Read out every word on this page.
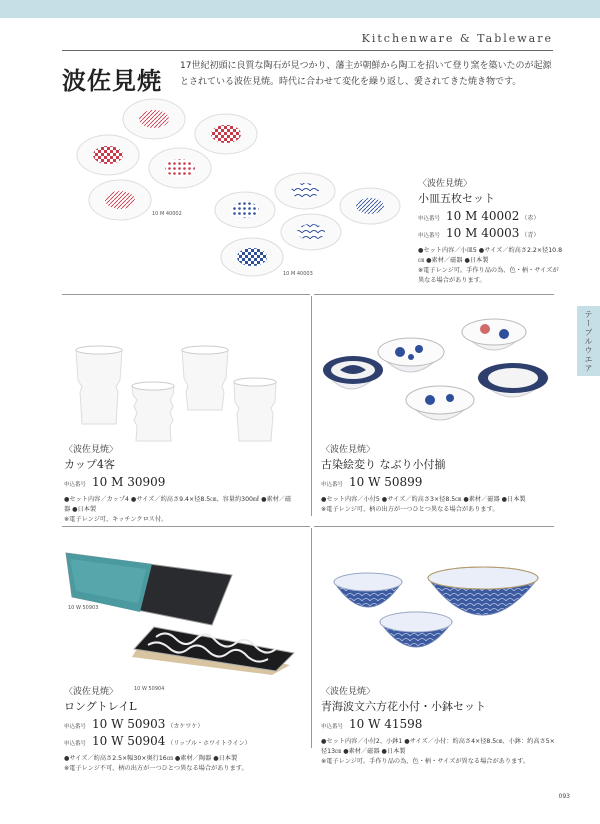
Kitchenware & Tableware
テーブルウエア
波佐見焼 17世紀初頭に良質な陶石が見つかり、藩主が朝鮮から陶工を招いて登り窯を築いたのが起源とされている波佐見焼。時代に合わせて変化を繰り返し、愛されてきた焼き物です。
10 M 40002
10 M 40003
〈波佐見焼〉
小皿五枚セット
申込番号 10 M 40002 （赤）
申込番号 10 M 40003 （青）
●セット内容／小皿5 ●サイズ／約高さ2.2×径10.8㎝ ●素材／磁器 ●日本製
※電子レンジ可。手作り品の為、色・柄・サイズが異なる場合があります。
〈波佐見焼〉
カップ4客
申込番号 10 M 30909
●セット内容／カップ4 ●サイズ／約高さ9.4×径8.5㎝、容量約300㎖ ●素材／磁器 ●日本製
※電子レンジ可、キッチンクロス付。
〈波佐見焼〉
古染絵変り なぶり小付揃
申込番号 10 W 50899
●セット内容／小付5 ●サイズ／約高さ3×径8.5㎝ ●素材／磁器 ●日本製
※電子レンジ可、柄の出方が一つひとつ異なる場合があります。
10 W 50903
10 W 50904
〈波佐見焼〉
ロングトレイL
申込番号 10 W 50903 （カケワケ）
申込番号 10 W 50904 （リップル・ホワイトライン）
●サイズ／約高さ2.5×幅30×奥行16㎝ ●素材／陶器 ●日本製
※電子レンジ不可、柄の出方が一つひとつ異なる場合があります。
〈波佐見焼〉
青海波文六方花小付・小鉢セット
申込番号 10 W 41598
●セット内容／小付2、小鉢1 ●サイズ／小付：約高さ4×径8.5㎝、小鉢：約高さ5×径13㎝ ●素材／磁器 ●日本製
※電子レンジ可。手作り品の為、色・柄・サイズが異なる場合があります。
093
